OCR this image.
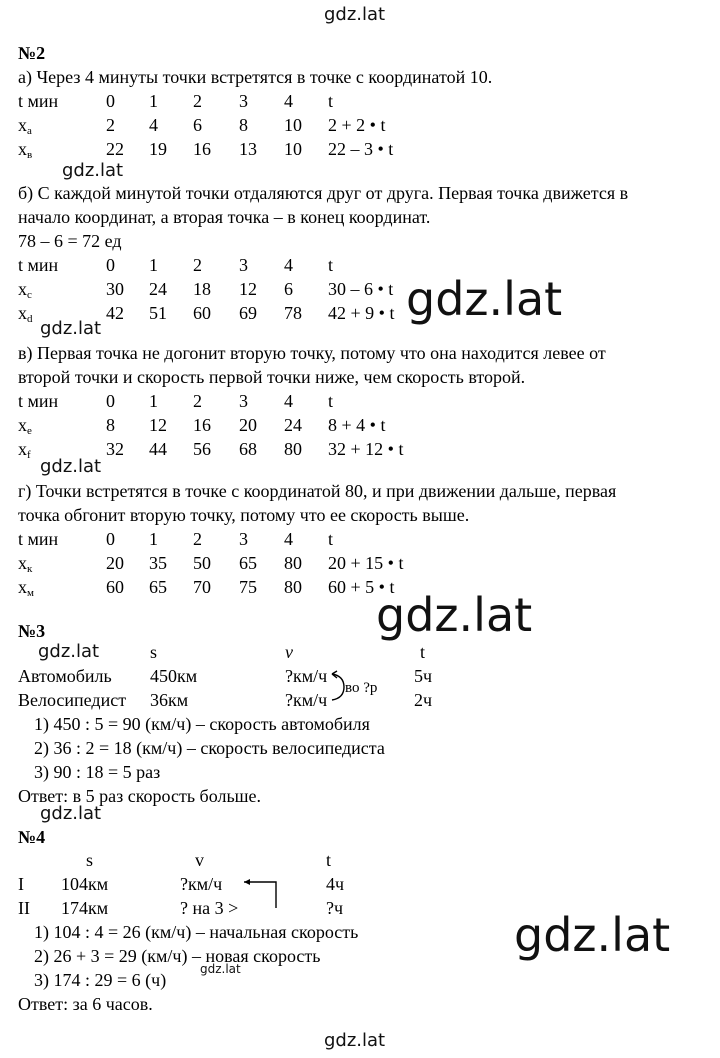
gdz.lat
gdz.lat
gdz.lat
gdz.lat
gdz.lat
gdz.lat
gdz.lat
gdz.lat
gdz.lat
gdz.lat
gdz.lat
№2
а) Через 4 минуты точки встретятся в точке с координатой 10.
t мин	0 1 2 3 4 t
$x_а$	2 4 6 8 10 2 + 2 • t
$x_в$	22 19 16 13 10 22 – 3 • t
б) С каждой минутой точки отдаляются друг от друга. Первая точка движется в
начало координат, а вторая точка – в конец координат.
78 – 6 = 72 ед
t мин	0 1 2 3 4 t
$x_c$	30 24 18 12 6 30 – 6 • t
$x_d$	42 51 60 69 78 42 + 9 • t
в) Первая точка не догонит вторую точку, потому что она находится левее от
второй точки и скорость первой точки ниже, чем скорость второй.
t мин	0 1 2 3 4 t
$x_e$	8 12 16 20 24 8 + 4 • t
$x_f$	32 44 56 68 80 32 + 12 • t
г) Точки встретятся в точке с координатой 80, и при движении дальше, первая
точка обгонит вторую точку, потому что ее скорость выше.
t мин	0 1 2 3 4 t
$x_к$	20 35 50 65 80 20 + 15 • t
$x_м$	60 65 70 75 80 60 + 5 • t
№3
s	v	t
Автомобиль 450км	?км/ч	5ч
Велосипедист 36км	?км/ч	2ч
во ?р
1) 450 : 5 = 90 (км/ч) – скорость автомобиля
2) 36 : 2 = 18 (км/ч) – скорость велосипедиста
3) 90 : 18 = 5 раз
Ответ: в 5 раз скорость больше.
№4
s	v	t
I 104км	?км/ч	4ч
II 174км	? на 3 >	?ч
1) 104 : 4 = 26 (км/ч) – начальная скорость
2) 26 + 3 = 29 (км/ч) – новая скорость
3) 174 : 29 = 6 (ч)
Ответ: за 6 часов.
